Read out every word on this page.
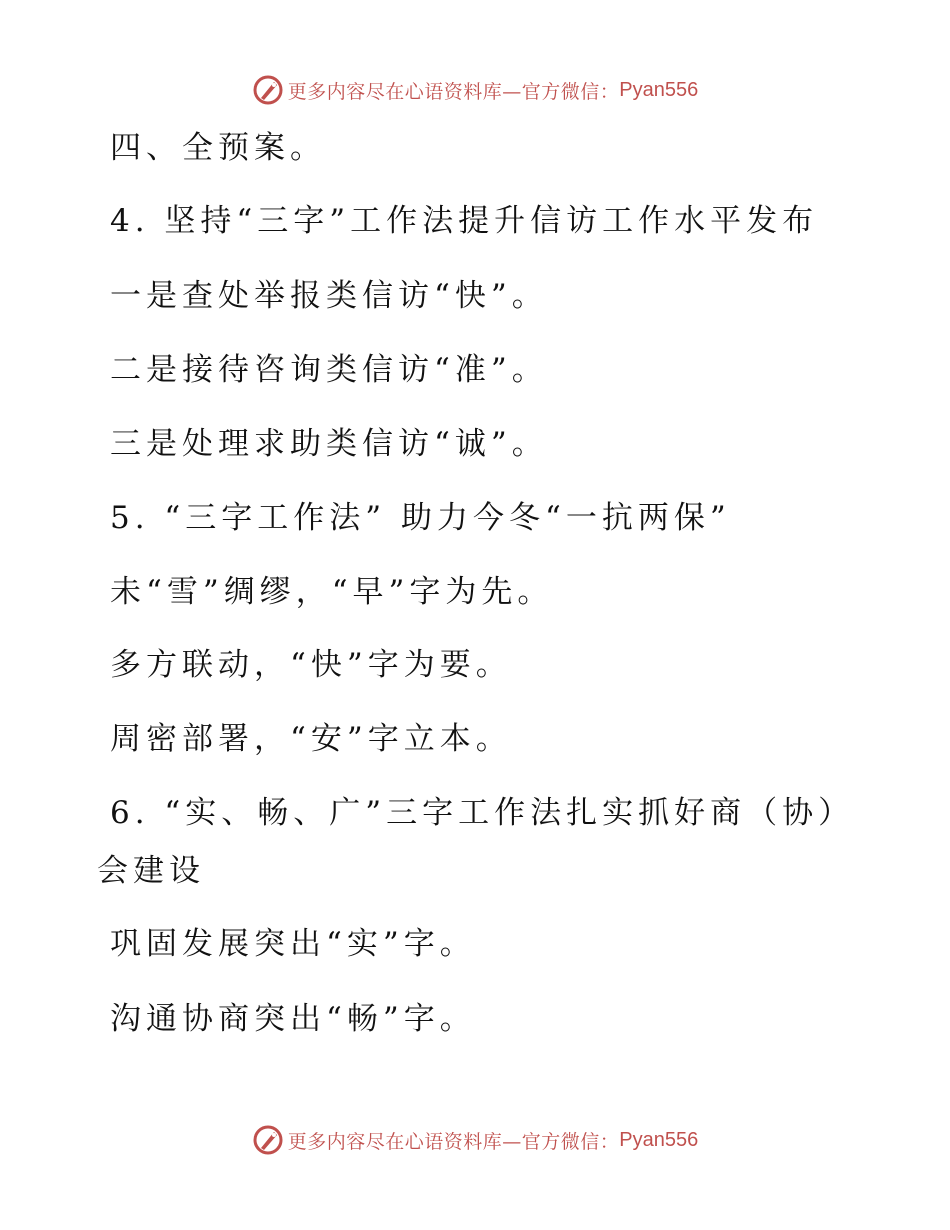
更多内容尽在心语资料库—官方微信： Pyan556
四、全预案。
4. 坚持“三字”工作法提升信访工作水平发布
一是查处举报类信访“快”。
二是接待咨询类信访“准”。
三是处理求助类信访“诚”。
5. “三字工作法” 助力今冬“一抗两保”
未“雪”绸缪，“早”字为先。
多方联动，“快”字为要。
周密部署，“安”字立本。
6. “实、畅、广”三字工作法扎实抓好商（协）
会建设
巩固发展突出“实”字。
沟通协商突出“畅”字。
更多内容尽在心语资料库—官方微信： Pyan556
